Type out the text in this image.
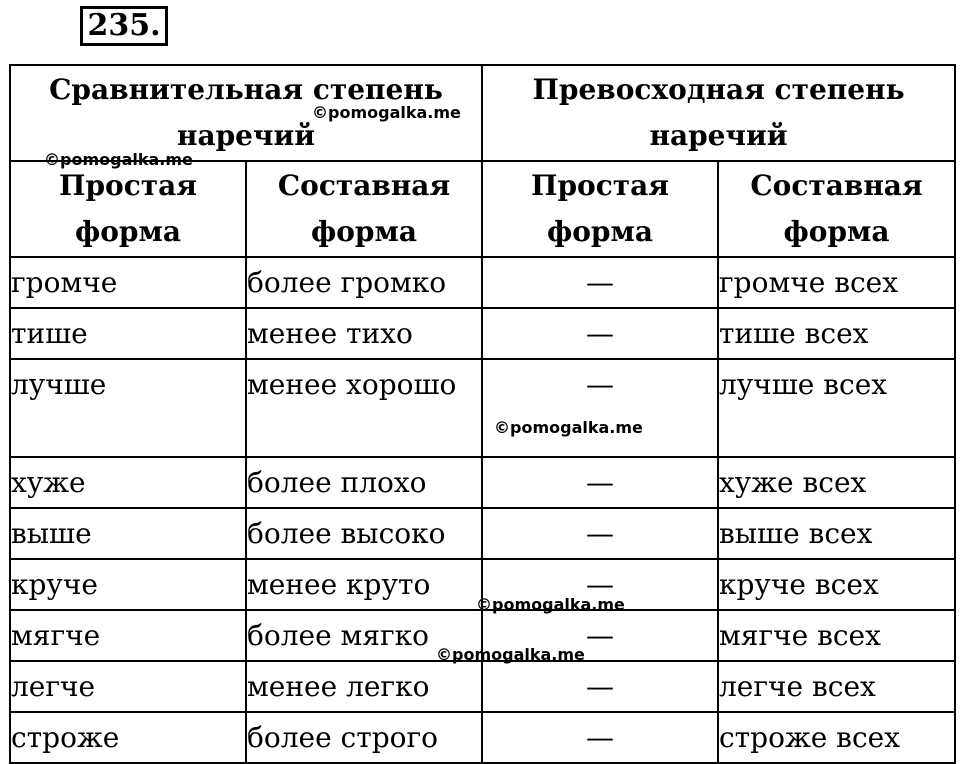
235.
Сравнительная степень наречий		Превосходная степень наречий	
Простая форма	Составная форма	Простая форма	Составная форма
громче	более громко	—	громче всех
тише	менее тихо	—	тише всех
лучше	менее хорошо	—	лучше всех
хуже	более плохо	—	хуже всех
выше	более высоко	—	выше всех
круче	менее круто	—	круче всех
мягче	более мягко	—	мягче всех
легче	менее легко	—	легче всех
строже	более строго	—	строже всех
©pomogalka.me
©pomogalka.me
©pomogalka.me
©pomogalka.me
©pomogalka.me
